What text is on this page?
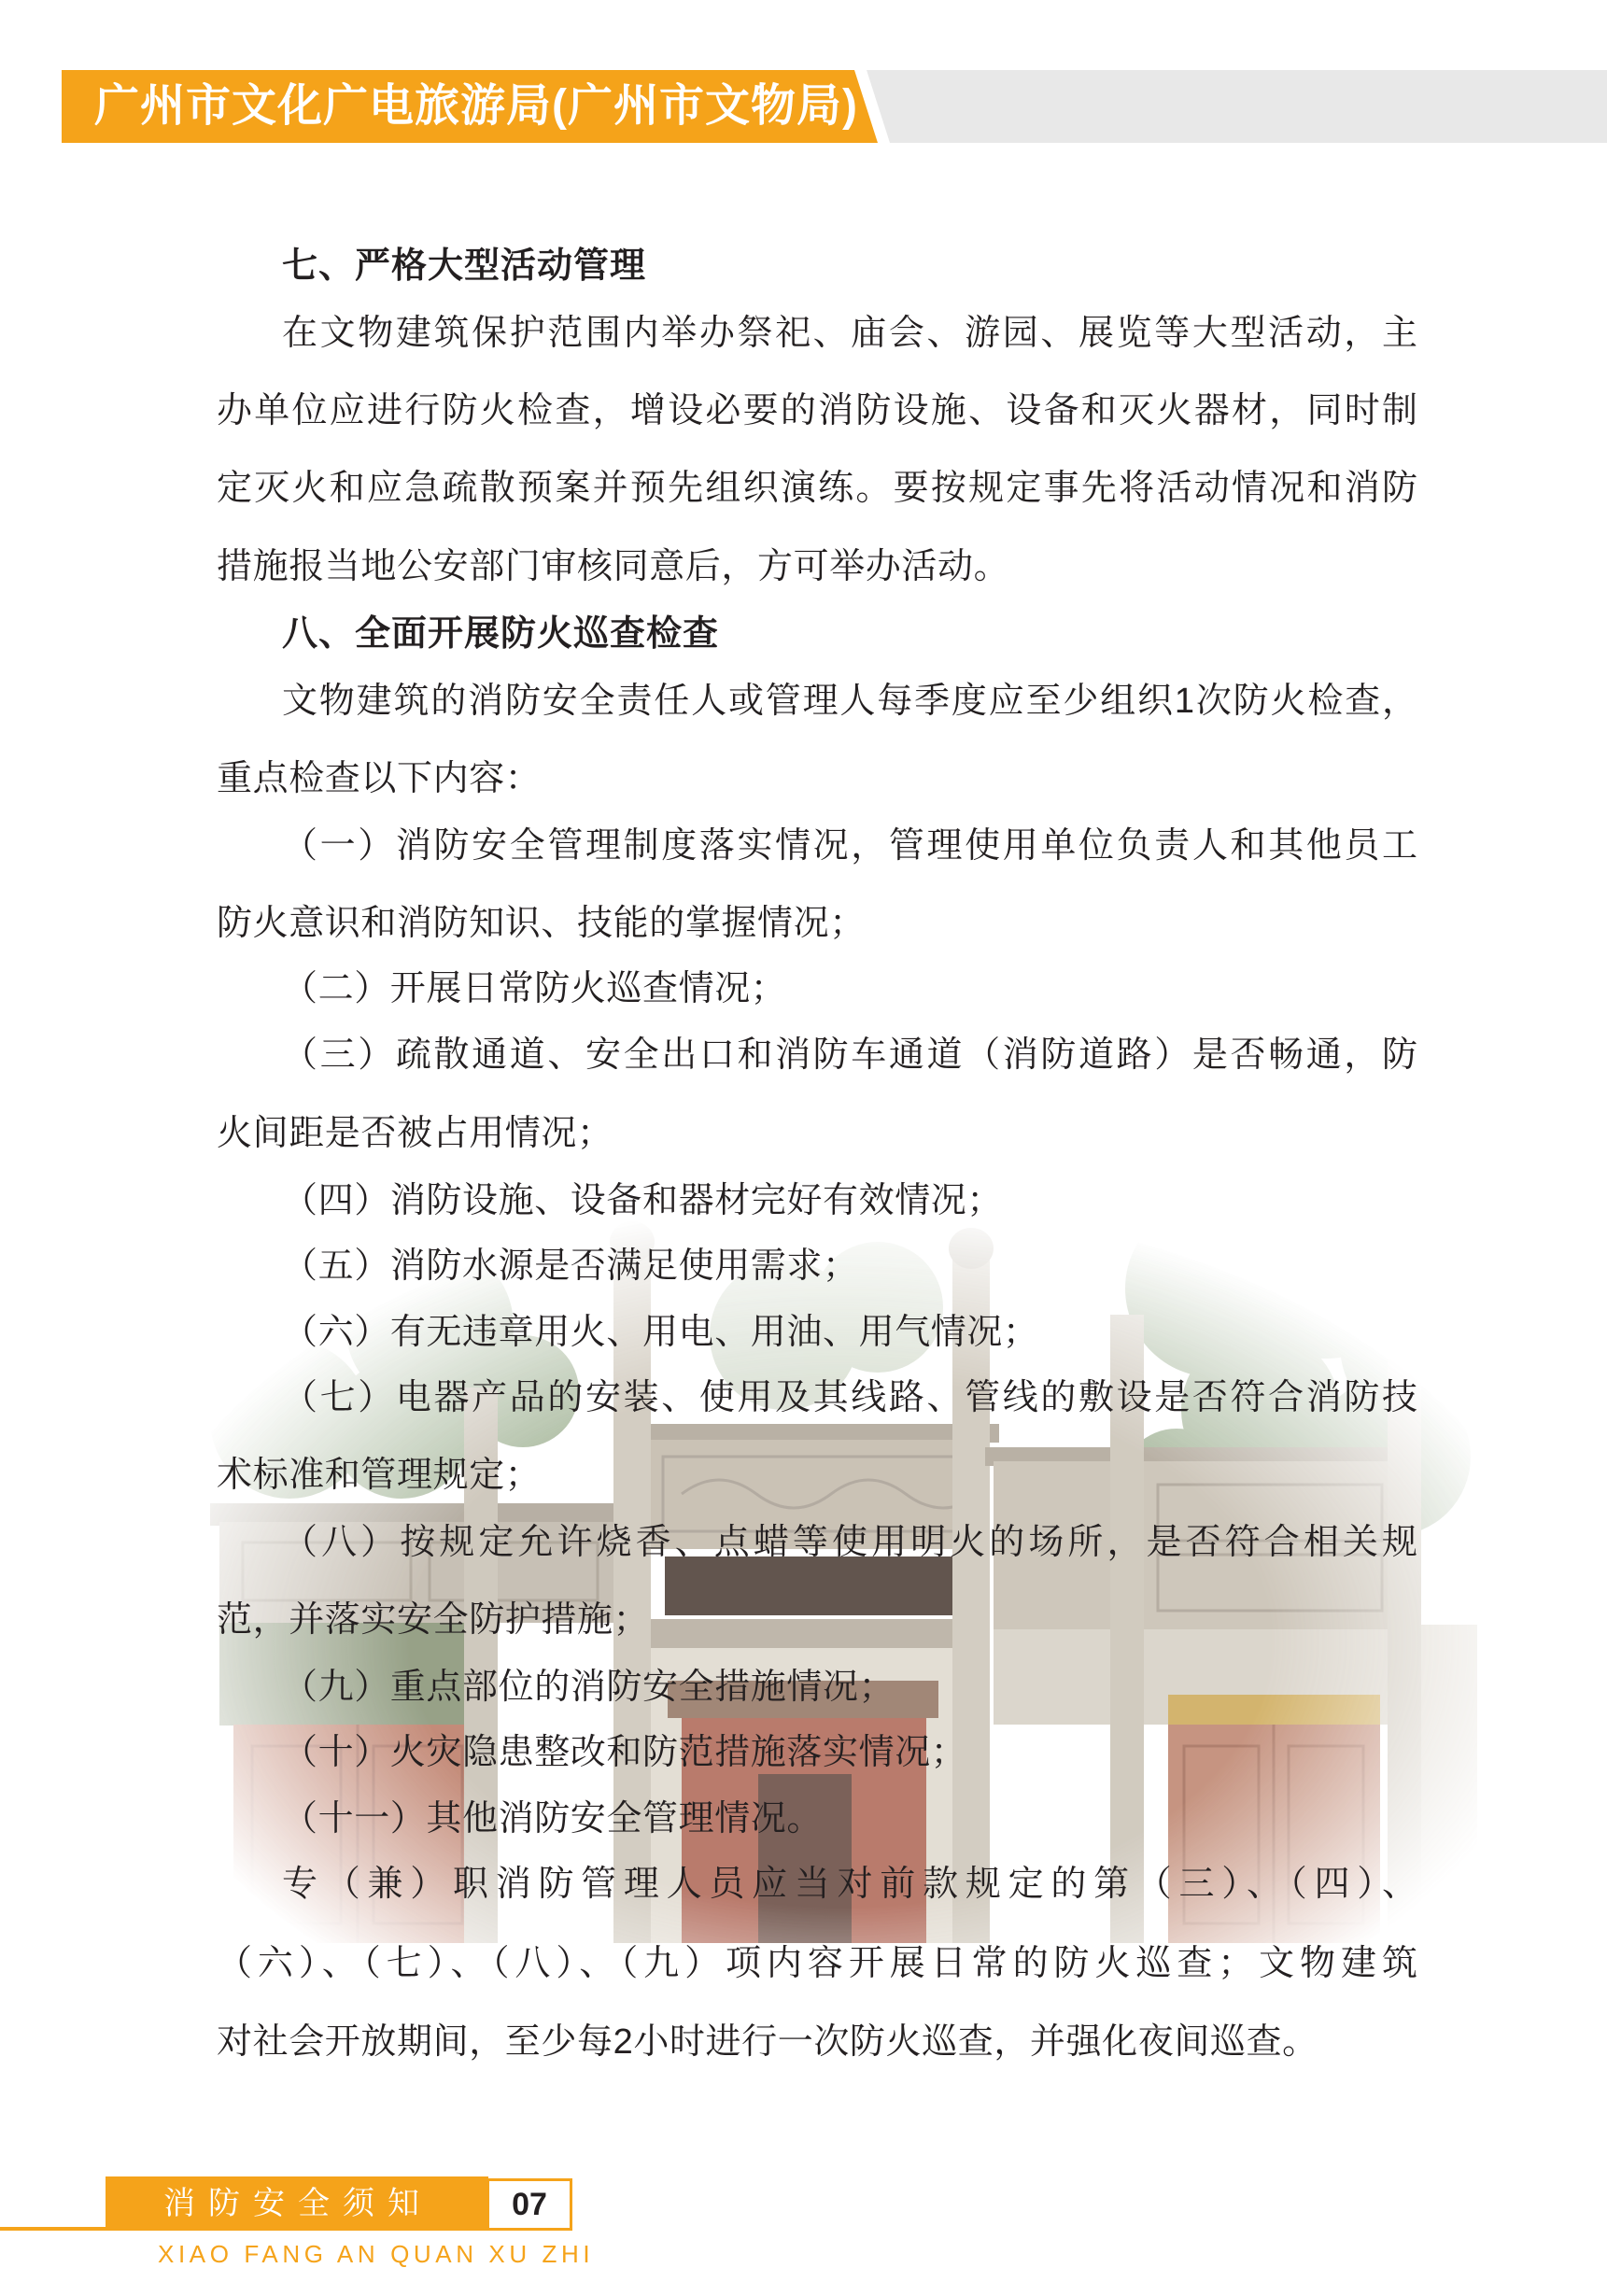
广州市文化广电旅游局(广州市文物局)
七、严格大型活动管理
在文物建筑保护范围内举办祭祀、庙会、游园、展览等大型活动，主
办单位应进行防火检查，增设必要的消防设施、设备和灭火器材，同时制
定灭火和应急疏散预案并预先组织演练。要按规定事先将活动情况和消防
措施报当地公安部门审核同意后，方可举办活动。
八、全面开展防火巡查检查
文物建筑的消防安全责任人或管理人每季度应至少组织1次防火检查，
重点检查以下内容：
（一）消防安全管理制度落实情况，管理使用单位负责人和其他员工
防火意识和消防知识、技能的掌握情况；
（二）开展日常防火巡查情况；
（三）疏散通道、安全出口和消防车通道（消防道路）是否畅通，防
火间距是否被占用情况；
（四）消防设施、设备和器材完好有效情况；
（五）消防水源是否满足使用需求；
（六）有无违章用火、用电、用油、用气情况；
（七）电器产品的安装、使用及其线路、管线的敷设是否符合消防技
术标准和管理规定；
（八）按规定允许烧香、点蜡等使用明火的场所，是否符合相关规
范，并落实安全防护措施；
（九）重点部位的消防安全措施情况；
（十）火灾隐患整改和防范措施落实情况；
（十一）其他消防安全管理情况。
专（兼）职消防管理人员应当对前款规定的第（三）、（四）、
（六）、（七）、（八）、（九）项内容开展日常的防火巡查；文物建筑
对社会开放期间，至少每2小时进行一次防火巡查，并强化夜间巡查。
消防安全须知	07
XIAO FANG AN QUAN XU ZHI
